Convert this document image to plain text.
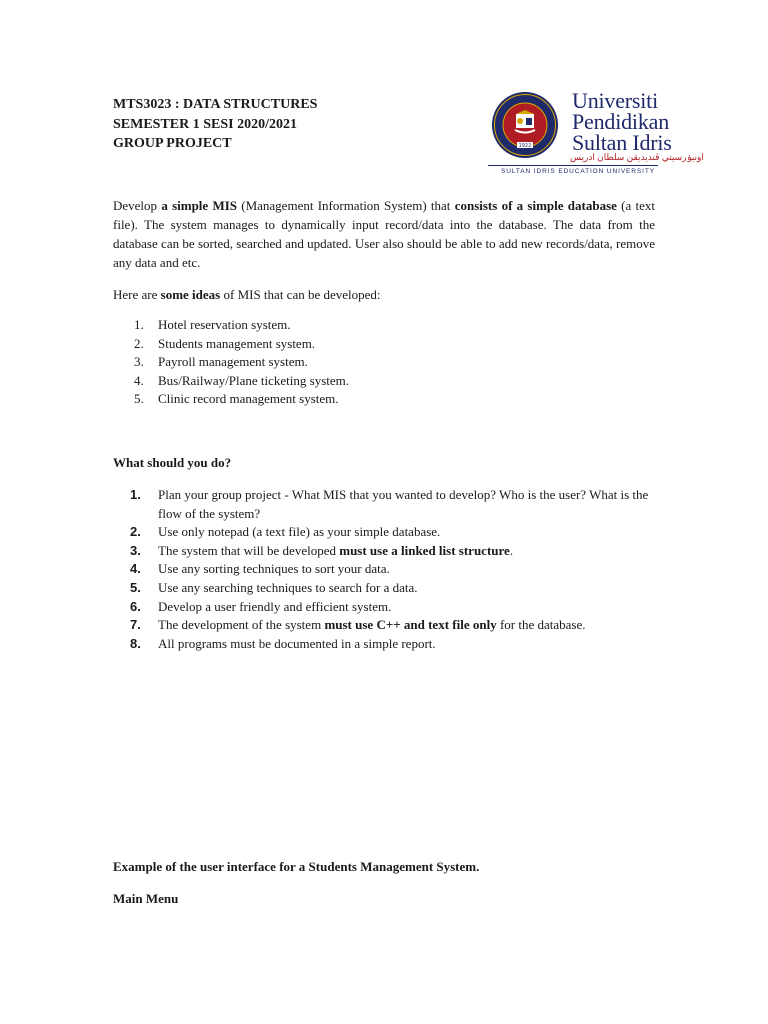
MTS3023 : DATA STRUCTURES
SEMESTER 1 SESI 2020/2021
GROUP PROJECT	1922
Universiti
Pendidikan
Sultan Idris
اونيۏرسيتي ڤنديديقن سلطان ادريس
SULTAN IDRIS EDUCATION UNIVERSITY
Develop a simple MIS (Management Information System) that consists of a simple database (a text file). The system manages to dynamically input record/data into the database. The data from the database can be sorted, searched and updated. User also should be able to add new records/data, remove any data and etc.
Here are some ideas of MIS that can be developed:
1. Hotel reservation system.
2. Students management system.
3. Payroll management system.
4. Bus/Railway/Plane ticketing system.
5. Clinic record management system.
What should you do?
1. Plan your group project - What MIS that you wanted to develop? Who is the user? What is the flow of the system?
2. Use only notepad (a text file) as your simple database.
3. The system that will be developed must use a linked list structure.
4. Use any sorting techniques to sort your data.
5. Use any searching techniques to search for a data.
6. Develop a user friendly and efficient system.
7. The development of the system must use C++ and text file only for the database.
8. All programs must be documented in a simple report.
Example of the user interface for a Students Management System.
Main Menu
